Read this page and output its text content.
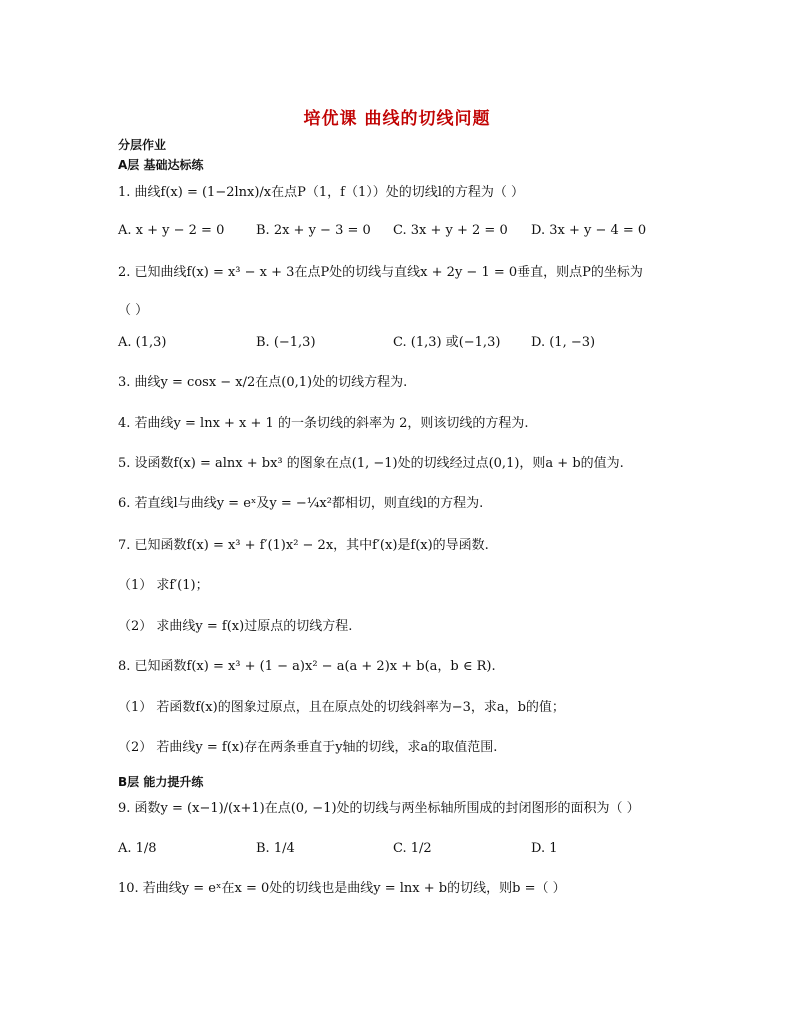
培优课 曲线的切线问题
分层作业
A层 基础达标练
1. 曲线f(x) = (1−2lnx)/x在点P（1，f（1））处的切线l的方程为（ ）
A. x + y − 2 = 0 B. 2x + y − 3 = 0 C. 3x + y + 2 = 0 D. 3x + y − 4 = 0
2. 已知曲线f(x) = x³ − x + 3在点P处的切线与直线x + 2y − 1 = 0垂直，则点P的坐标为
（ ）
A. (1,3)	B. (−1,3)	C. (1,3) 或(−1,3) D. (1, −3)
3. 曲线y = cosx − x/2在点(0,1)处的切线方程为.
4. 若曲线y = lnx + x + 1 的一条切线的斜率为 2，则该切线的方程为.
5. 设函数f(x) = alnx + bx³ 的图象在点(1, −1)处的切线经过点(0,1)，则a + b的值为.
6. 若直线l与曲线y = eˣ及y = −¼x²都相切，则直线l的方程为.
7. 已知函数f(x) = x³ + f′(1)x² − 2x，其中f′(x)是f(x)的导函数.
（1） 求f′(1)；
（2） 求曲线y = f(x)过原点的切线方程.
8. 已知函数f(x) = x³ + (1 − a)x² − a(a + 2)x + b(a，b ∈ R).
（1） 若函数f(x)的图象过原点，且在原点处的切线斜率为−3，求a，b的值；
（2） 若曲线y = f(x)存在两条垂直于y轴的切线，求a的取值范围.
B层 能力提升练
9. 函数y = (x−1)/(x+1)在点(0, −1)处的切线与两坐标轴所围成的封闭图形的面积为（ ）
A. 1/8	B. 1/4	C. 1/2	D. 1
10. 若曲线y = eˣ在x = 0处的切线也是曲线y = lnx + b的切线，则b =（ ）
